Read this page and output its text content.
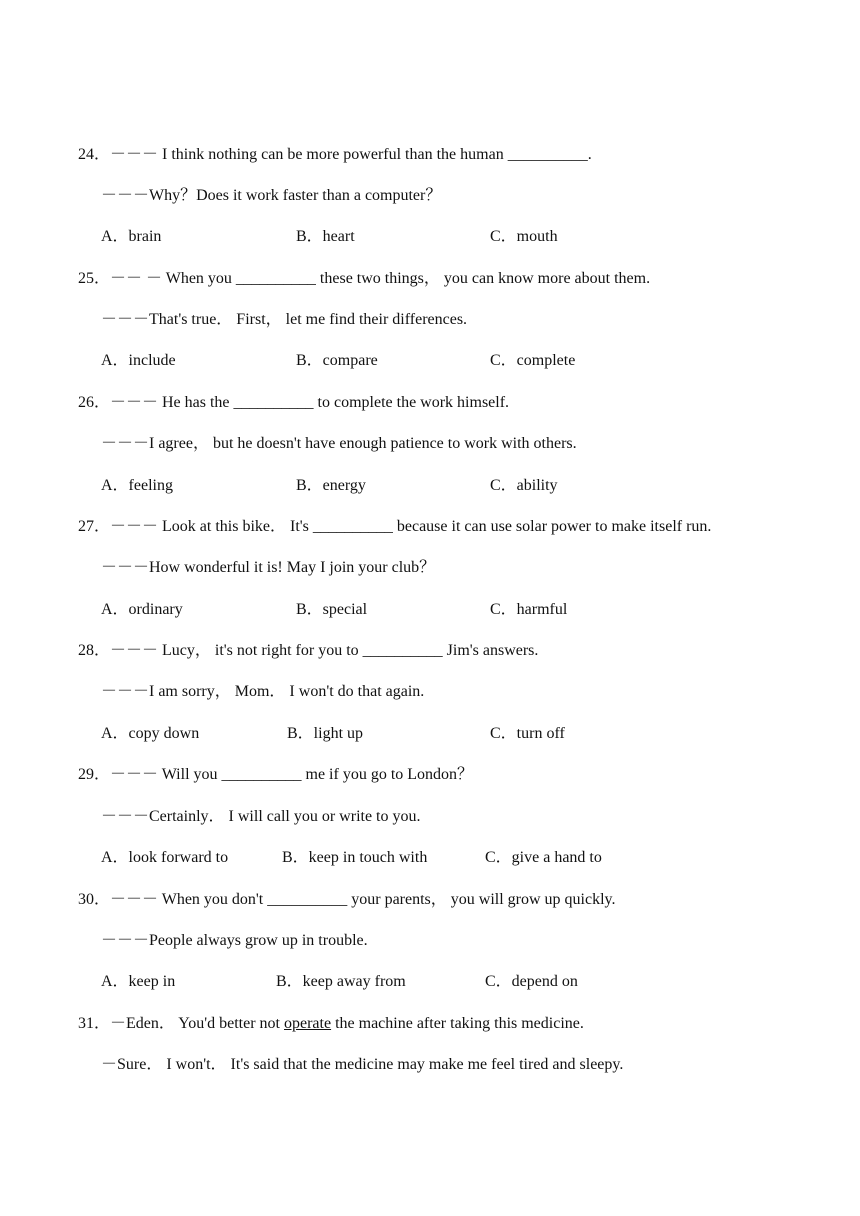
24．－－－ I think nothing can be more powerful than the human __________.
－－－Why？Does it work faster than a computer？
A．brain	B．heart	C．mouth
25．－－ － When you __________ these two things， you can know more about them.
－－－That's true． First， let me find their differences.
A．include	B．compare	C．complete
26．－－－ He has the __________ to complete the work himself.
－－－I agree， but he doesn't have enough patience to work with others.
A．feeling	B．energy	C．ability
27．－－－ Look at this bike． It's __________ because it can use solar power to make itself run.
－－－How wonderful it is! May I join your club？
A．ordinary	B．special	C．harmful
28．－－－ Lucy， it's not right for you to __________ Jim's answers.
－－－I am sorry， Mom． I won't do that again.
A．copy down	B．light up	C．turn off
29．－－－ Will you __________ me if you go to London？
－－－Certainly． I will call you or write to you.
A．look forward to	B．keep in touch with	C．give a hand to
30．－－－ When you don't __________ your parents， you will grow up quickly.
－－－People always grow up in trouble.
A．keep in	B．keep away from	C．depend on
31．－Eden． You'd better not operate the machine after taking this medicine.
－Sure． I won't． It's said that the medicine may make me feel tired and sleepy.
